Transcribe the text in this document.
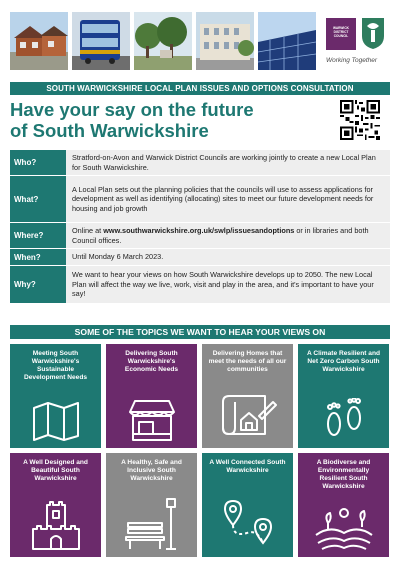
WARWICK DISTRICT COUNCIL
Working Together
SOUTH WARWICKSHIRE LOCAL PLAN ISSUES AND OPTIONS CONSULTATION
Have your say on the future
of South Warwickshire
Who?
Stratford-on-Avon and Warwick District Councils are working jointly to create a new Local Plan for South Warwickshire.
What?
A Local Plan sets out the planning policies that the councils will use to assess applications for development as well as identifying (allocating) sites to meet our future development needs for housing and job growth
Where?
Online at www.southwarwickshire.org.uk/swlp/issuesandoptions or in libraries and both Council offices.
When?	Until Monday 6 March 2023.
Why?
We want to hear your views on how South Warwickshire develops up to 2050. The new Local Plan will affect the way we live, work, visit and play in the area, and it's important to have your say!
SOME OF THE TOPICS WE WANT TO HEAR YOUR VIEWS ON
Meeting South Warwickshire's Sustainable Development Needs
Delivering South Warwickshire's Economic Needs
Delivering Homes that meet the needs of all our communities
A Climate Resilient and Net Zero Carbon South Warwickshire
A Well Designed and Beautiful South Warwickshire
A Healthy, Safe and Inclusive South Warwickshire
A Well Connected South Warwickshire
A Biodiverse and Environmentally Resilient South Warwickshire
